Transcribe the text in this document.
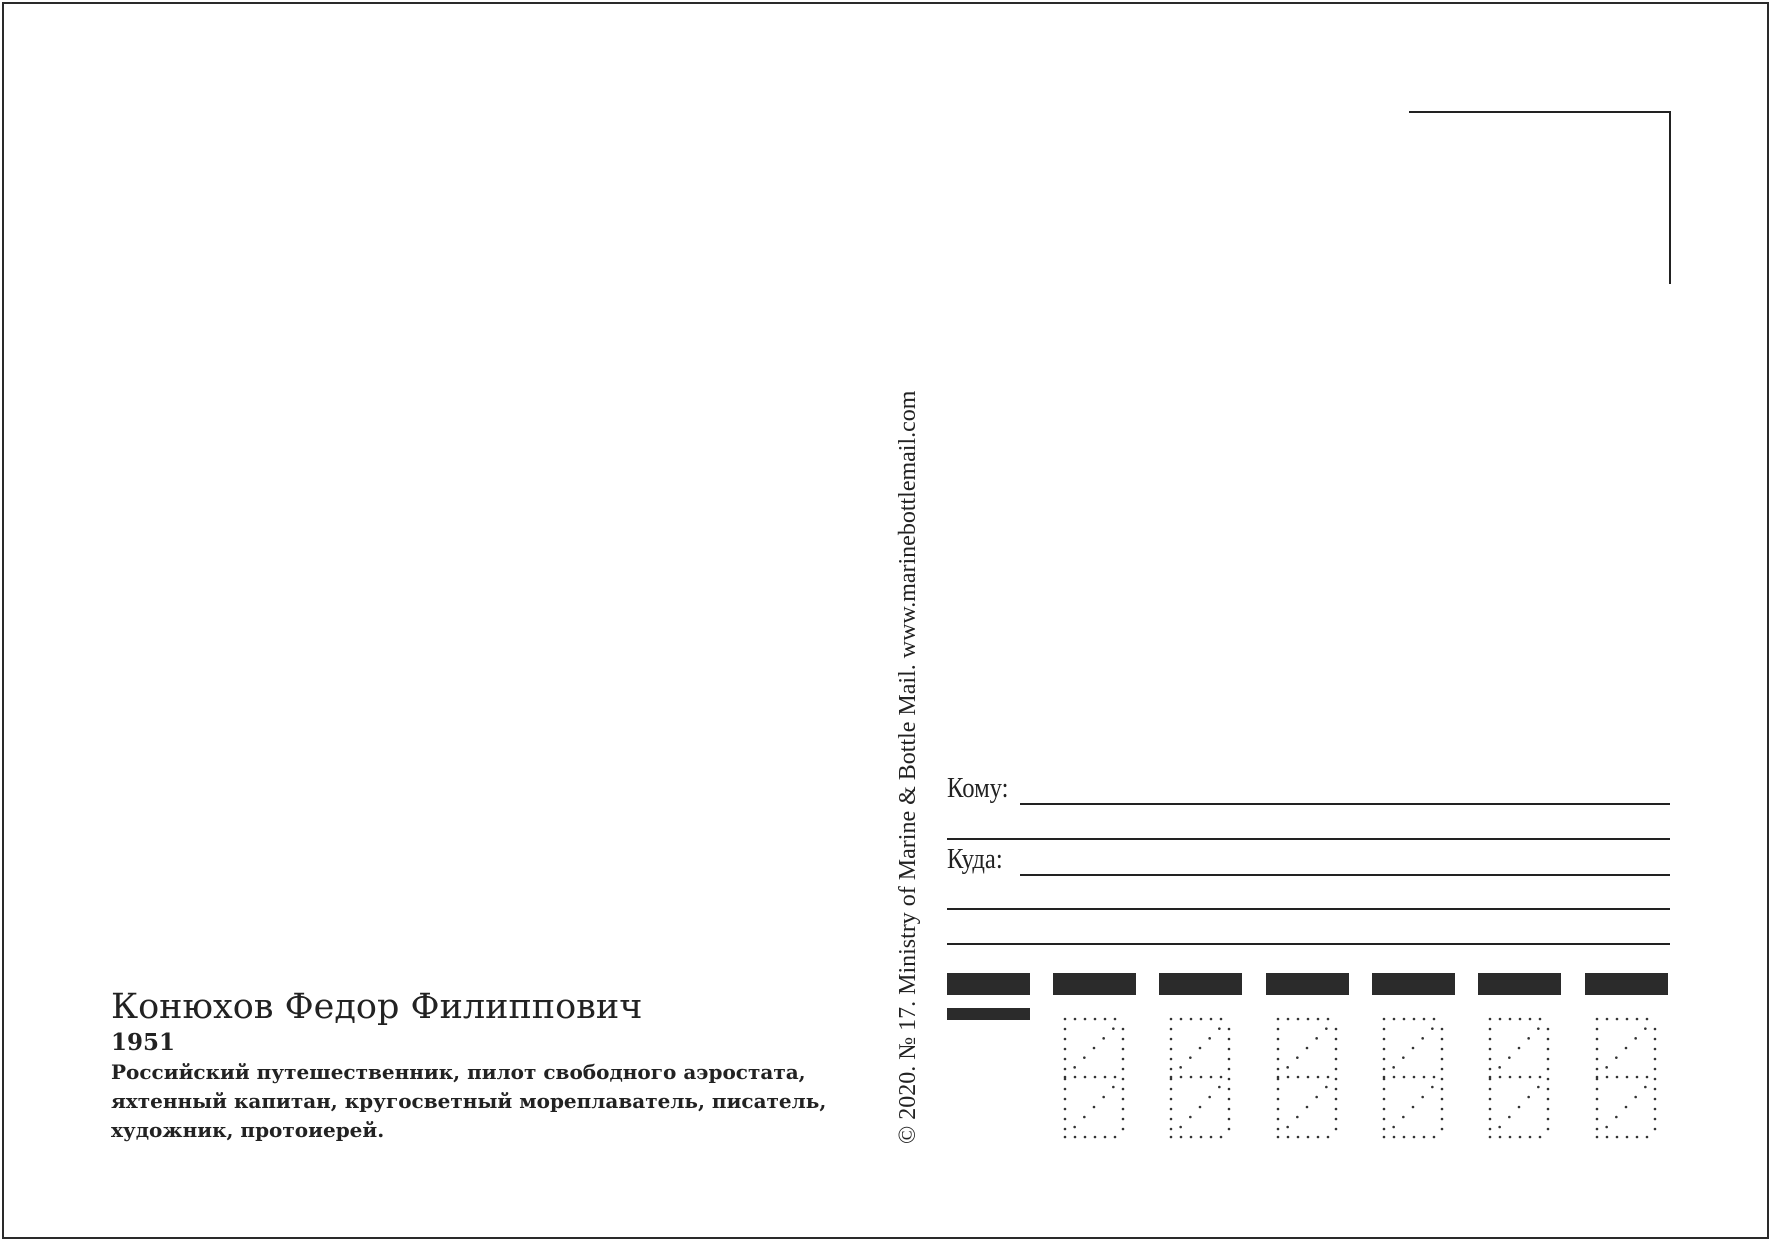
Конюхов Федор Филиппович
1951
Российский путешественник, пилот свободного аэростата,
яхтенный капитан, кругосветный мореплаватель, писатель,
художник, протоиерей.	© 2020. № 17. Ministry of Marine & Bottle Mail. www.marinebottlemail.com Кому:
Куда:
